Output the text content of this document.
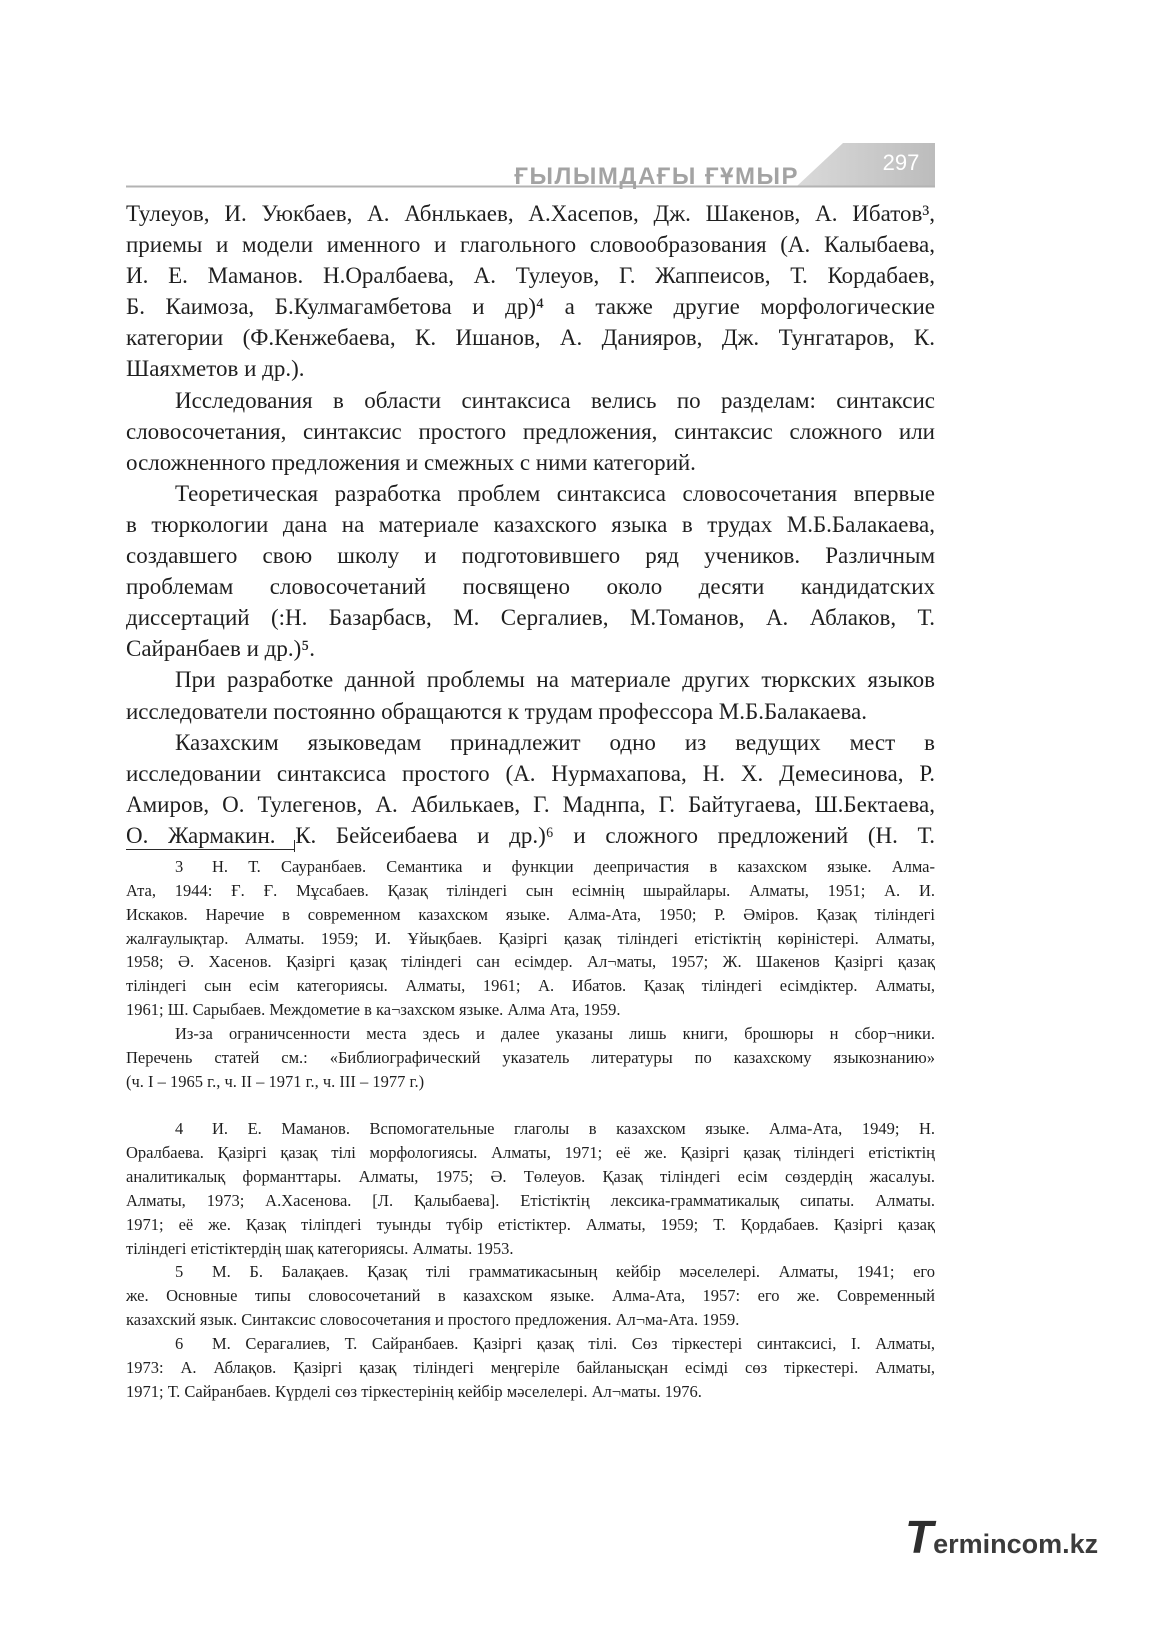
ҒЫЛЫМДАҒЫ ҒҰМЫР
297
Тулеуов, И. Уюкбаев, А. Абнлькаев, А.Хасепов, Дж. Шакенов, А. Ибатов³,
приемы и модели именного и глагольного словообразования (А. Калыбаева,
И. Е. Маманов. Н.Оралбаева, А. Тулеуов, Г. Жаппеисов, Т. Кордабаев,
Б. Каимоза, Б.Кулмагамбетова и др)⁴ а также другие морфологические
категории (Ф.Кенжебаева, К. Ишанов, А. Данияров, Дж. Тунгатаров, К.
Шаяхметов и др.).
Исследования в области синтаксиса велись по разделам: синтаксис
словосочетания, синтаксис простого предложения, синтаксис сложного или
осложненного предложения и смежных с ними категорий.
Теоретическая разработка проблем синтаксиса словосочетания впервые
в тюркологии дана на материале казахского языка в трудах М.Б.Балакаева,
создавшего свою школу и подготовившего ряд учеников. Различным
проблемам словосочетаний посвящено около десяти кандидатских
диссертаций (:Н. Базарбасв, М. Сергалиев, М.Томанов, А. Аблаков, Т.
Сайранбаев и др.)⁵.
При разработке данной проблемы на материале других тюркских языков
исследователи постоянно обращаются к трудам профессора М.Б.Балакаева.
Казахским языковедам принадлежит одно из ведущих мест в
исследовании синтаксиса простого (А. Нурмахапова, Н. Х. Демесинова, Р.
Амиров, О. Тулегенов, А. Абилькаев, Г. Маднпа, Г. Байтугаева, Ш.Бектаева,
О. Жармакин. К. Бейсеибаева и др.)⁶ и сложного предложений (Н. Т.
3 Н. Т. Сауранбаев. Семантика и функции деепричастия в казахском языке. Алма-
Ата, 1944: Ғ. Ғ. Мұсабаев. Қазақ тіліндегі сын есімнің шырайлары. Алматы, 1951; А. И.
Искаков. Наречие в современном казахском языке. Алма-Ата, 1950; Р. Әміров. Қазақ тіліндегі
жалғаулықтар. Алматы. 1959; И. Ұйықбаев. Қазіргі қазақ тіліндегі етістіктің көріністері. Алматы,
1958; Ә. Хасенов. Қазіргі қазақ тіліндегі сан есімдер. Ал¬маты, 1957; Ж. Шакенов Қазіргі қазақ
тіліндегі сын есім категориясы. Алматы, 1961; А. Ибатов. Қазақ тіліндегі есімдіктер. Алматы,
1961; Ш. Сарыбаев. Междометие в ка¬захском языке. Алма Ата, 1959.
Из-за ограничсенности места здесь и далее указаны лишь книги, брошюры н сбор¬ники.
Перечень статей см.: «Библиографический указатель литературы по казахскому языкознанию»
(ч. I – 1965 г., ч. II – 1971 г., ч. III – 1977 г.)
4 И. Е. Маманов. Вспомогательные глаголы в казахском языке. Алма-Ата, 1949; Н.
Оралбаева. Қазіргі қазақ тілі морфологиясы. Алматы, 1971; её же. Қазіргі қазақ тіліндегі етістіктің
аналитикалық форманттары. Алматы, 1975; Ә. Төлеуов. Қазақ тіліндегі есім сөздердің жасалуы.
Алматы, 1973; А.Хасенова. [Л. Қалыбаева]. Етістіктің лексика-грамматикалық сипаты. Алматы.
1971; её же. Қазақ тіліпдегі туынды түбір етістіктер. Алматы, 1959; Т. Қордабаев. Қазіргі қазақ
тіліндегі етістіктердің шақ категориясы. Алматы. 1953.
5 М. Б. Балақаев. Қазақ тілі грамматикасының кейбір мәселелері. Алматы, 1941; его
же. Основные типы словосочетаний в казахском языке. Алма-Ата, 1957: его же. Современный
казахский язык. Синтаксис словосочетания и простого предложения. Ал¬ма-Ата. 1959.
6 М. Серагалиев, Т. Сайранбаев. Қазіргі қазақ тілі. Сөз тіркестері синтаксисі, І. Алматы,
1973: А. Аблақов. Қазіргі қазақ тіліндегі меңгеріле байланысқан есімді сөз тіркестері. Алматы,
1971; Т. Сайранбаев. Күрделі сөз тіркестерінің кейбір мәселелері. Ал¬маты. 1976.
Termincom.kz
